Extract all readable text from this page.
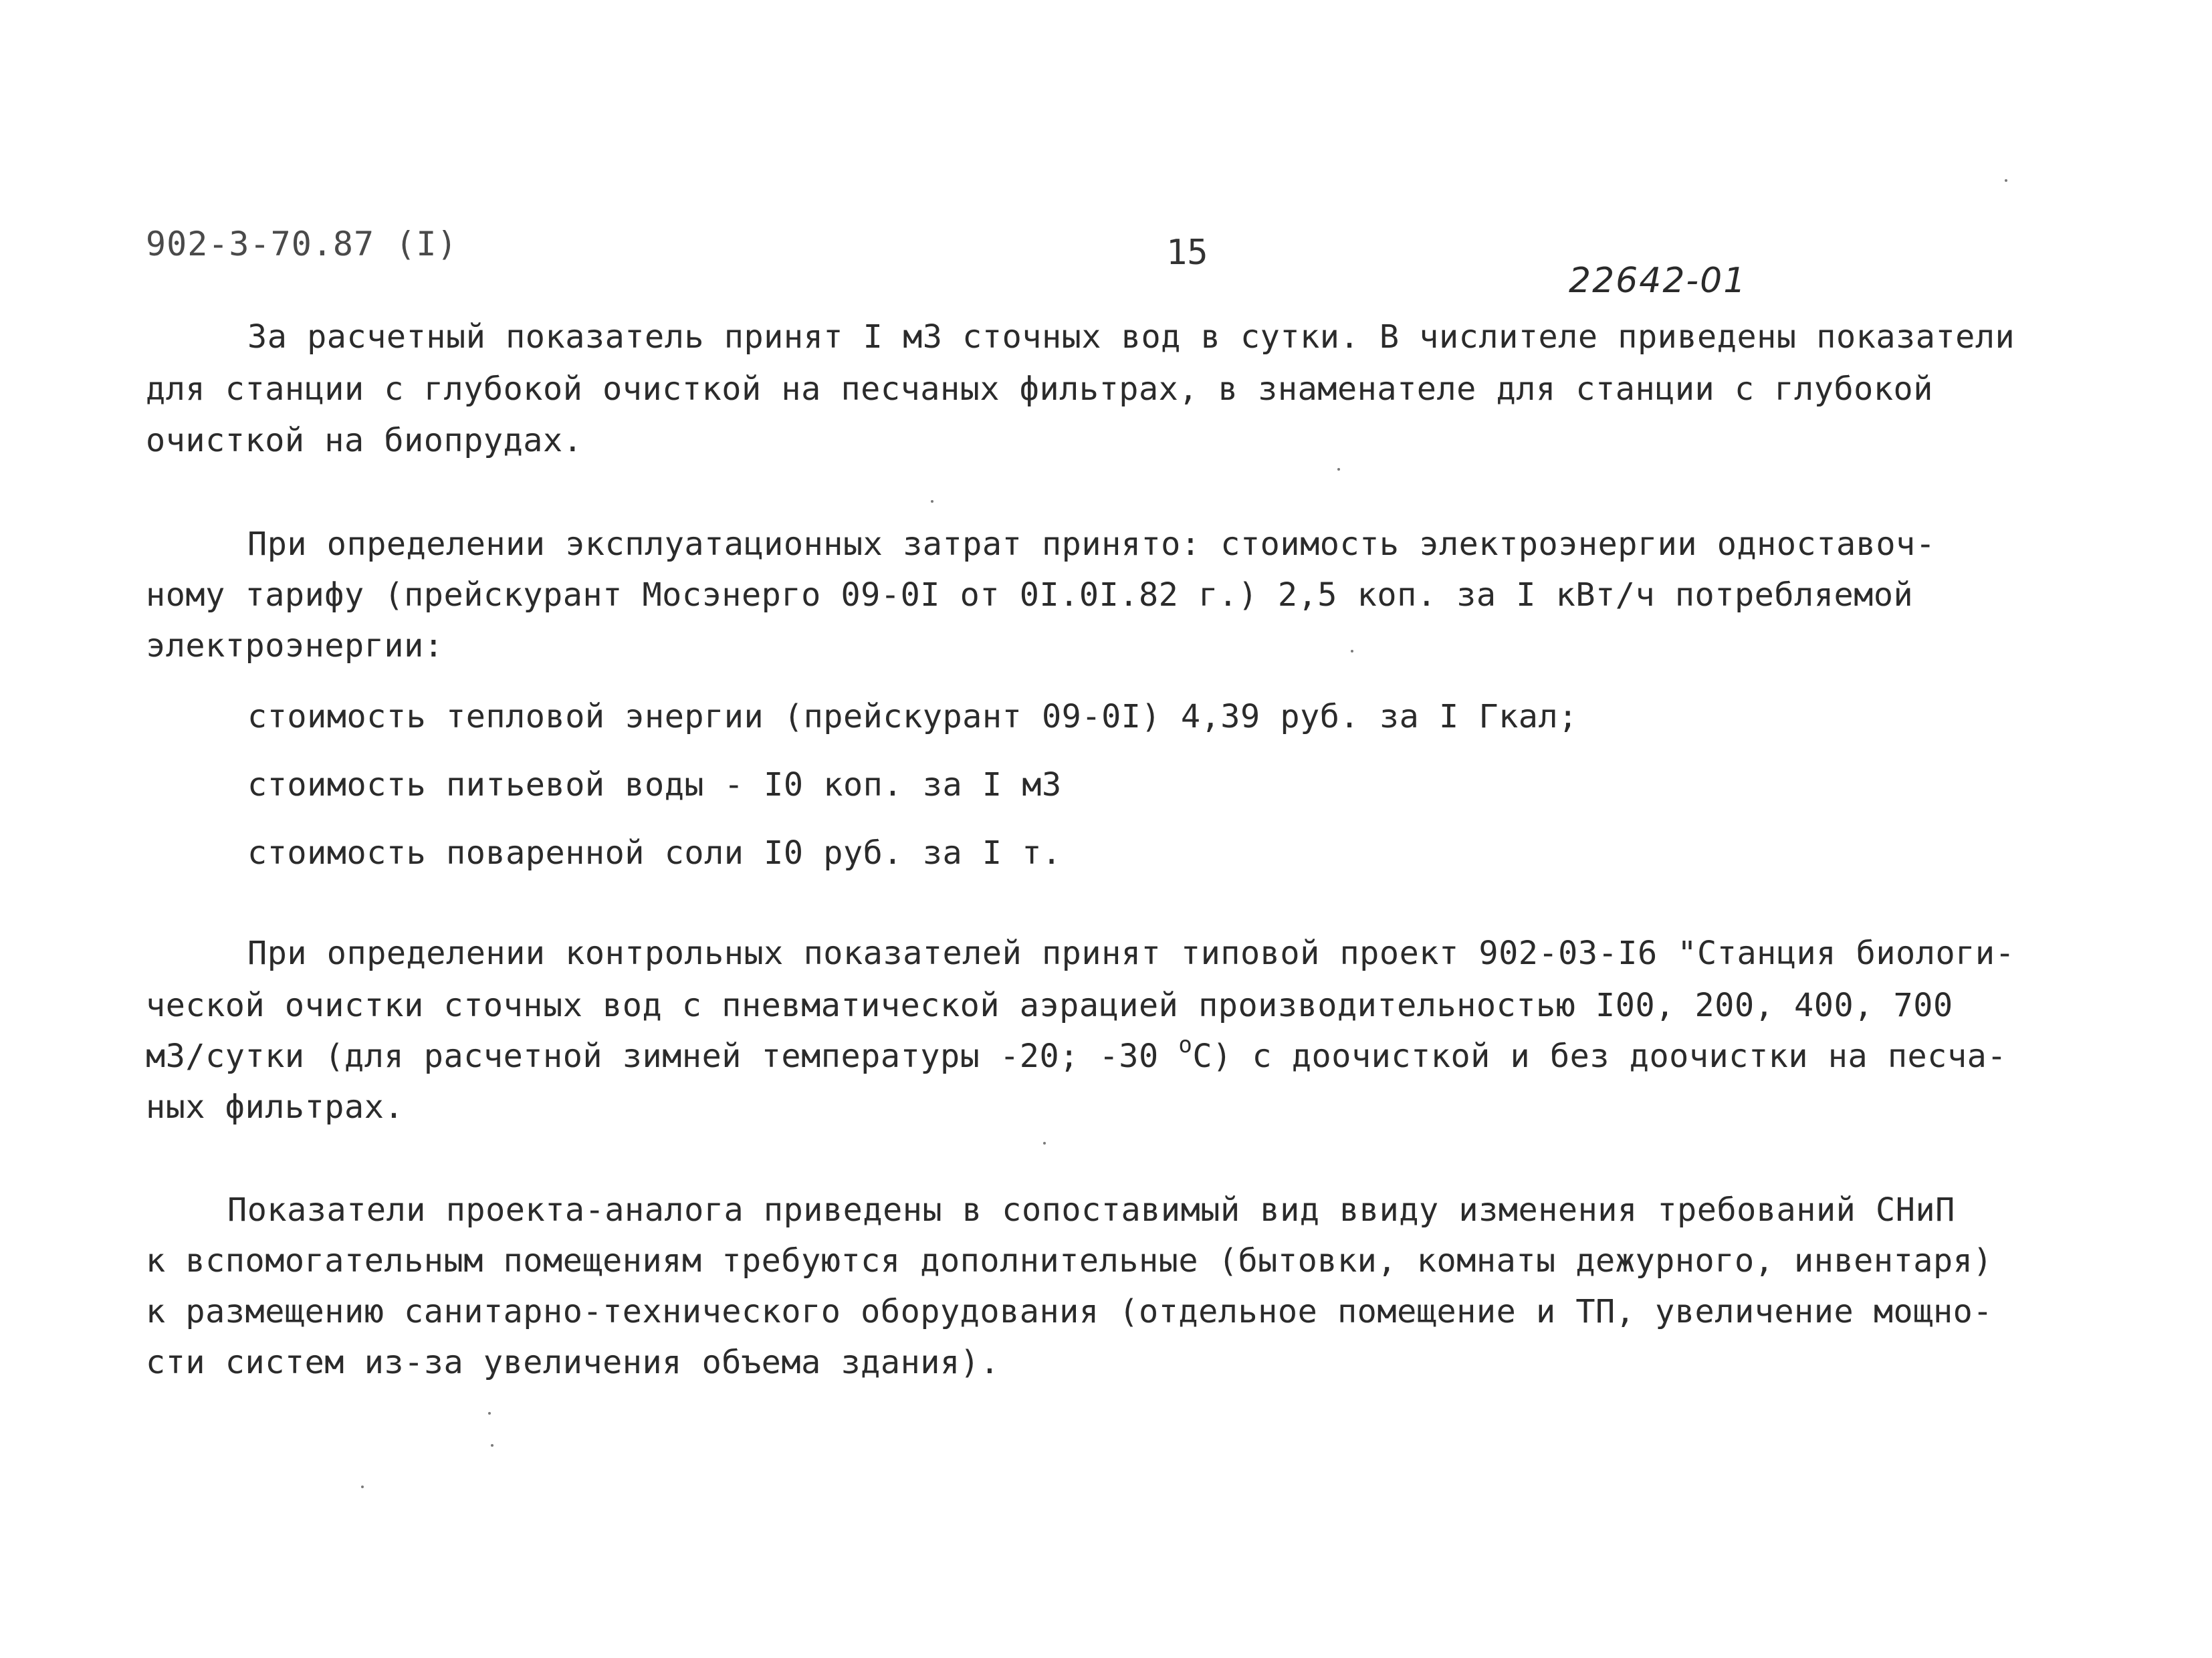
902-3-70.87 (I)	15
22642-01
За расчетный показатель принят I м3 сточных вод в сутки. В числителе приведены показатели
для станции с глубокой очисткой на песчаных фильтрах, в знаменателе для станции с глубокой
очисткой на биопрудах.
При определении эксплуатационных затрат принято: стоимость электроэнергии одноставоч-
ному тарифу (прейскурант Мосэнерго 09-0I от 0I.0I.82 г.) 2,5 коп. за I кВт/ч потребляемой
электроэнергии:
стоимость тепловой энергии (прейскурант 09-0I) 4,39 руб. за I Гкал;
стоимость питьевой воды - I0 коп. за I м3
стоимость поваренной соли I0 руб. за I т.
При определении контрольных показателей принят типовой проект 902-03-I6 "Станция биологи-
ческой очистки сточных вод с пневматической аэрацией производительностью I00, 200, 400, 700
м3/сутки (для расчетной зимней температуры -20; -30 $^о$С) с доочисткой и без доочистки на песча-
ных фильтрах.
Показатели проекта-аналога приведены в сопоставимый вид ввиду изменения требований СНиП
к вспомогательным помещениям требуются дополнительные (бытовки, комнаты дежурного, инвентаря)
к размещению санитарно-технического оборудования (отдельное помещение и ТП, увеличение мощно-
сти систем из-за увеличения объема здания).
